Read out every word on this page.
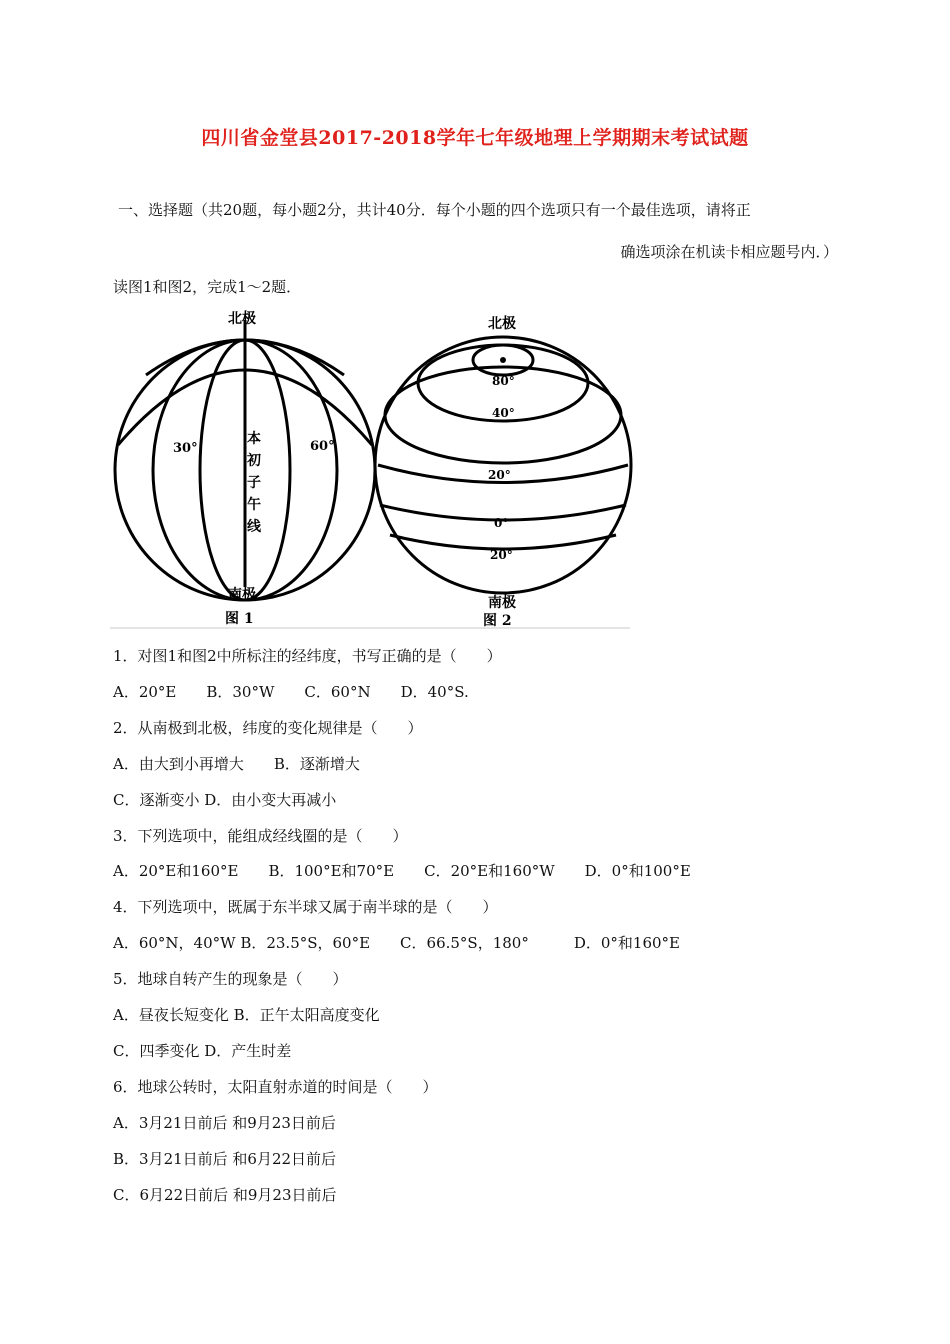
四川省金堂县2017-2018学年七年级地理上学期期末考试试题
一、选择题（共20题，每小题2分，共计40分．每个小题的四个选项只有一个最佳选项，请将正
确选项涂在机读卡相应题号内．）
读图1和图2，完成1～2题．
北极
南极
图 1
30°	60°
本
初
子
午
线
北极
南极
图 2
80°
40°
20°
0°
20°
1．对图1和图2中所标注的经纬度，书写正确的是（　　）
A．20°E　　B．30°W　　C．60°N　　D．40°S.
2．从南极到北极，纬度的变化规律是（　　）
A．由大到小再增大　　B．逐渐增大
C．逐渐变小 D．由小变大再减小
3．下列选项中，能组成经线圈的是（　　）
A．20°E和160°E　　B．100°E和70°E　　C．20°E和160°W　　D．0°和100°E
4．下列选项中，既属于东半球又属于南半球的是（　　）
A．60°N，40°W B．23.5°S，60°E　　C．66.5°S，180°　　　D．0°和160°E
5．地球自转产生的现象是（　　）
A．昼夜长短变化 B．正午太阳高度变化
C．四季变化 D．产生时差
6．地球公转时，太阳直射赤道的时间是（　　）
A．3月21日前后 和9月23日前后
B．3月21日前后 和6月22日前后
C．6月22日前后 和9月23日前后
